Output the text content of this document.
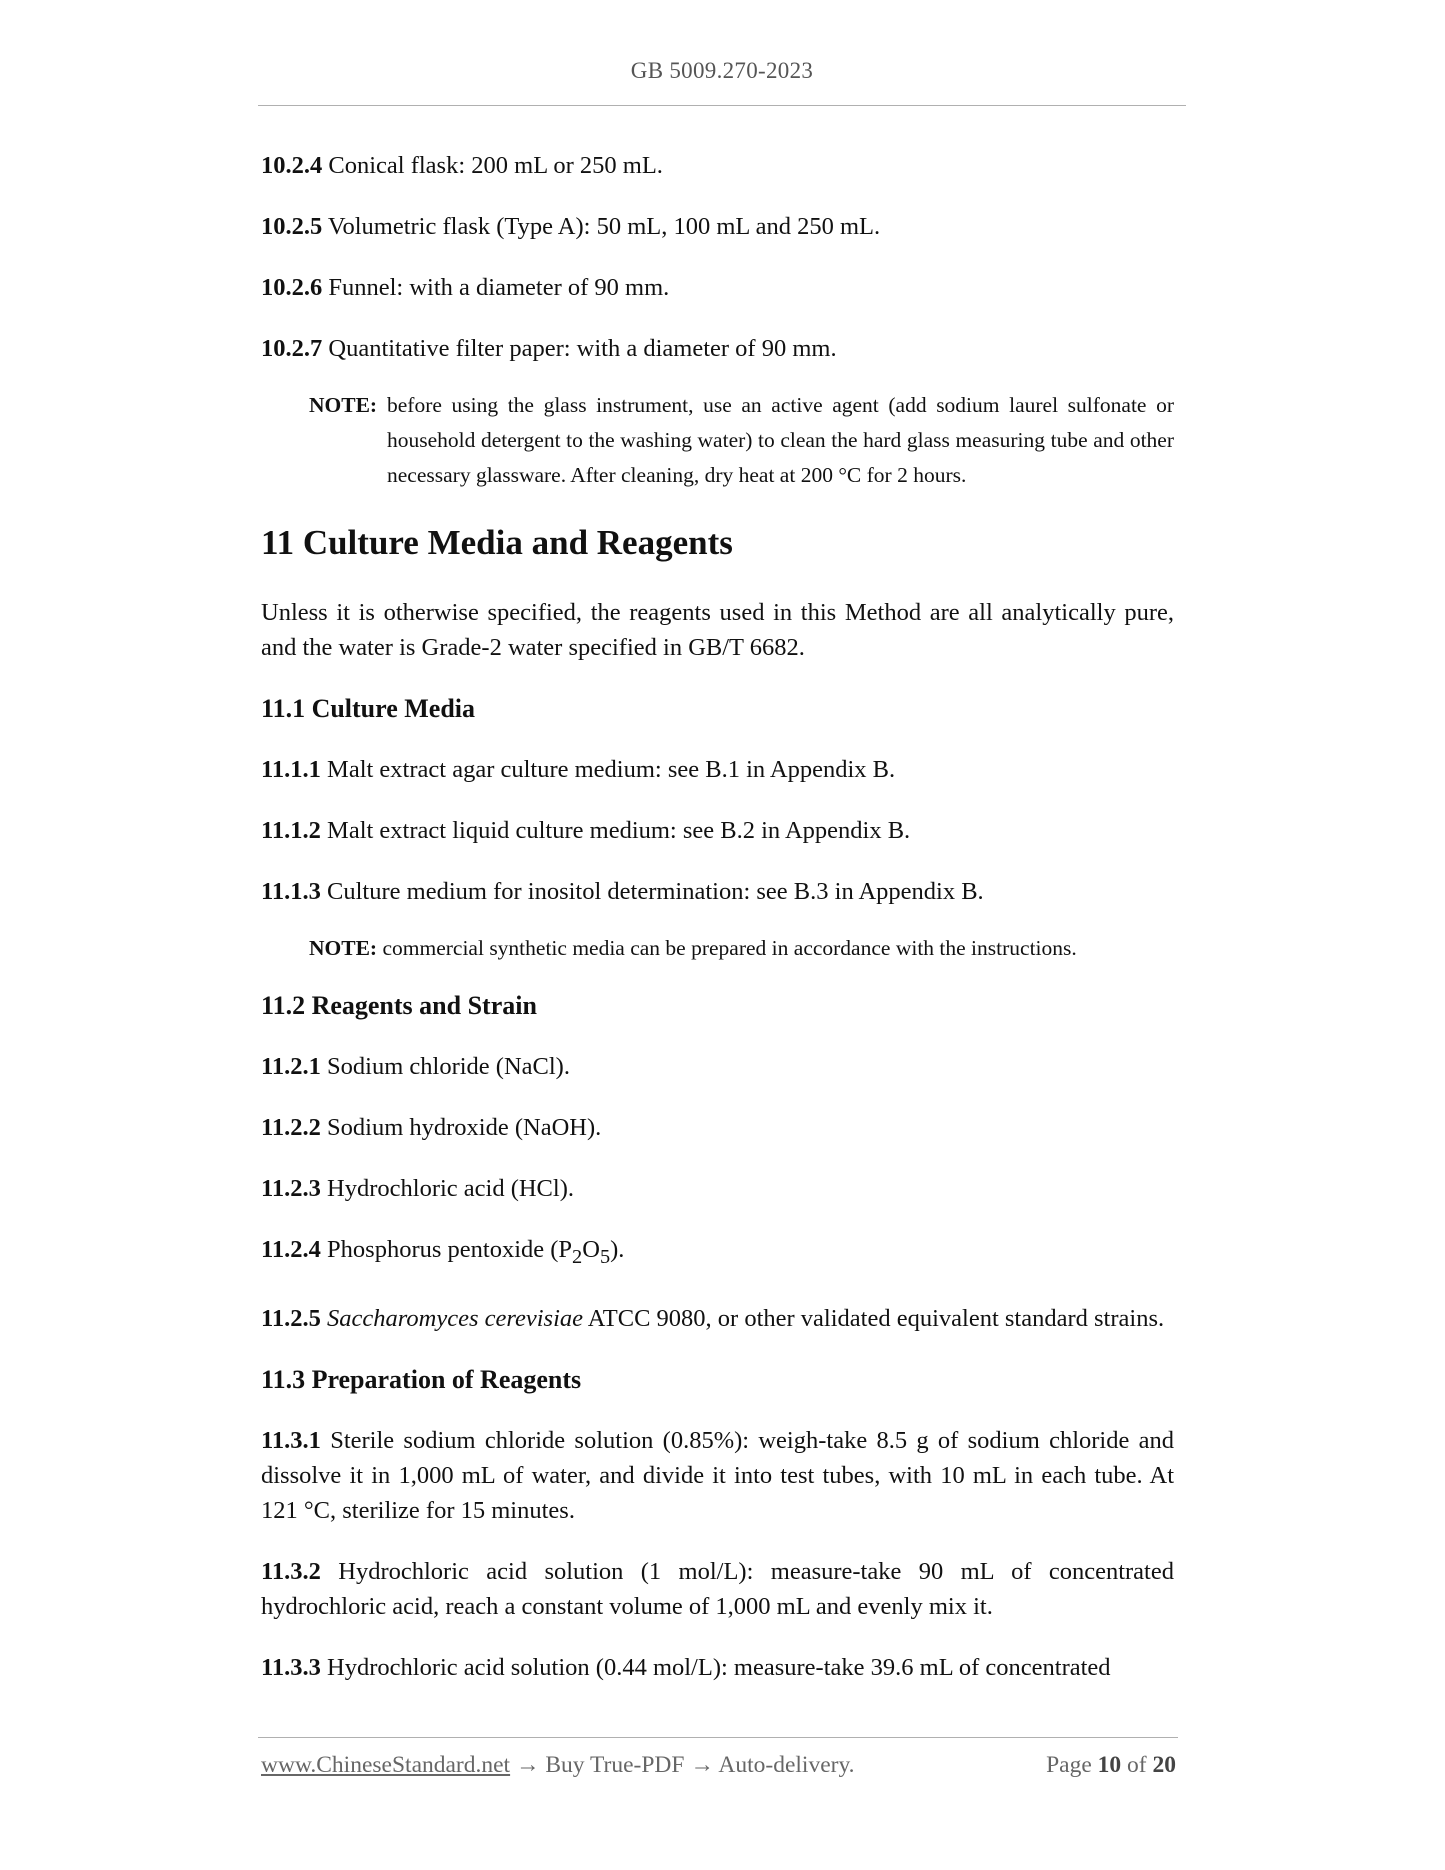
GB 5009.270-2023

10.2.4 Conical flask: 200 mL or 250 mL.

10.2.5 Volumetric flask (Type A): 50 mL, 100 mL and 250 mL.

10.2.6 Funnel: with a diameter of 90 mm.

10.2.7 Quantitative filter paper: with a diameter of 90 mm.

NOTE: before using the glass instrument, use an active agent (add sodium laurel sulfonate or household detergent to the washing water) to clean the hard glass measuring tube and other necessary glassware. After cleaning, dry heat at 200 °C for 2 hours.
11 Culture Media and Reagents

Unless it is otherwise specified, the reagents used in this Method are all analytically pure, and the water is Grade-2 water specified in GB/T 6682.

11.1 Culture Media

11.1.1 Malt extract agar culture medium: see B.1 in Appendix B.

11.1.2 Malt extract liquid culture medium: see B.2 in Appendix B.

11.1.3 Culture medium for inositol determination: see B.3 in Appendix B.

NOTE: commercial synthetic media can be prepared in accordance with the instructions.
11.2 Reagents and Strain

11.2.1 Sodium chloride (NaCl).

11.2.2 Sodium hydroxide (NaOH).

11.2.3 Hydrochloric acid (HCl).

11.2.4 Phosphorus pentoxide $(P_2O_5)$.

11.2.5 Saccharomyces cerevisiae ATCC 9080, or other validated equivalent standard strains.

11.3 Preparation of Reagents

11.3.1 Sterile sodium chloride solution (0.85%): weigh-take 8.5 g of sodium chloride and dissolve it in 1,000 mL of water, and divide it into test tubes, with 10 mL in each tube. At 121 °C, sterilize for 15 minutes.

11.3.2 Hydrochloric acid solution (1 mol/L): measure-take 90 mL of concentrated hydrochloric acid, reach a constant volume of 1,000 mL and evenly mix it.

11.3.3 Hydrochloric acid solution (0.44 mol/L): measure-take 39.6 mL of concentrated

www.ChineseStandard.net → Buy True-PDF → Auto-delivery.	Page 10 of 20
